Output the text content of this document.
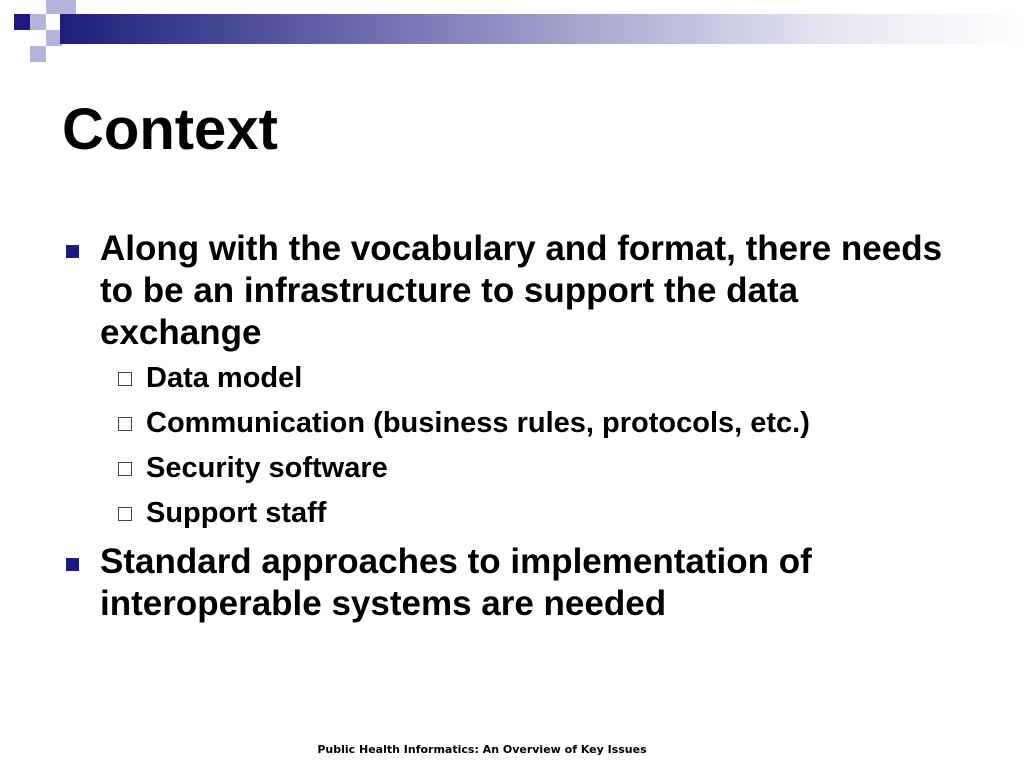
Context
Along with the vocabulary and format, there needs to be an infrastructure to support the data exchange
Data model
Communication (business rules, protocols, etc.)
Security software
Support staff
Standard approaches to implementation of interoperable systems are needed
Public Health Informatics: An Overview of Key Issues
